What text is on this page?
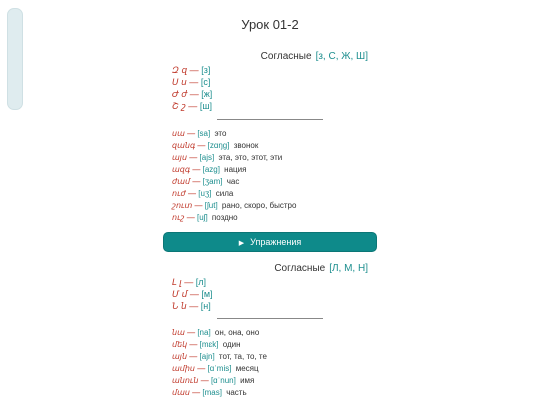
Урок 01-2
Согласные [з, С, Ж, Ш]
Զ զ — [з]
Ս ս — [с]
Ժ ժ — [ж]
Շ շ — [ш]
սա — [sa] это
զանգ — [zɑŋg] звонок
այս — [ajs] эта, это, этот, эти
ազգ — [azg] нация
ժամ — [ʒam] час
ուժ — [uʒ] сила
շուտ — [ʃut] рано, скоро, быстро
ուշ — [uʃ] поздно
▶ Упражнения
Согласные [Л, М, Н]
Լ լ — [л]
Մ մ — [м]
Ն ն — [н]
նա — [na] он, она, оно
մեկ — [mɛk] один
այն — [ajn] тот, та, то, те
ամիս — [ɑˈmis] месяц
անուն — [ɑˈnun] имя
մաս — [mas] часть
